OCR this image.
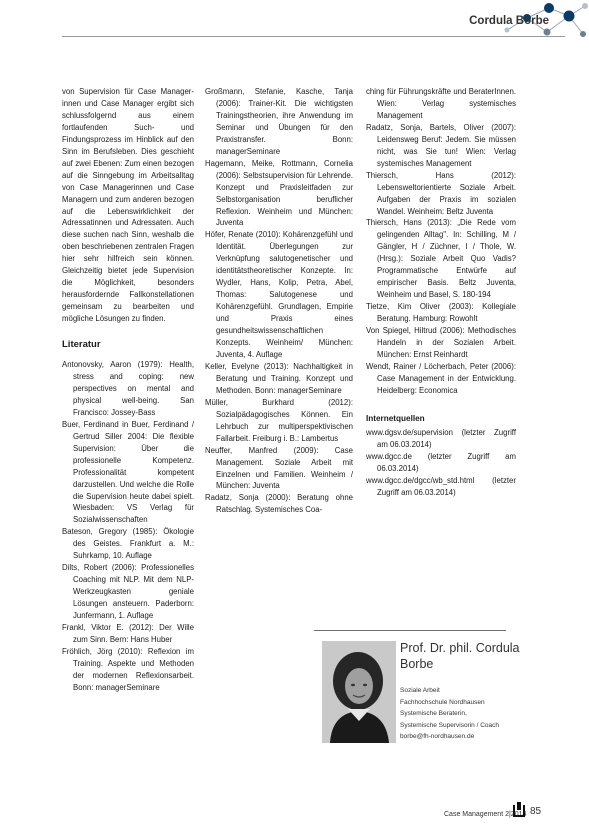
Cordula Borbe

von Supervision für Case Manager-innen und Case Manager ergibt sich schlussfolgernd aus einem fortlaufenden Such- und Findungsprozess im Hinblick auf den Sinn im Berufsleben. Dies geschieht auf zwei Ebenen: Zum einen bezogen auf die Sinngebung im Arbeitsalltag von Case Managerinnen und Case Managern und zum anderen bezogen auf die Lebenswirklichkeit der Adressatinnen und Adressaten. Auch diese suchen nach Sinn, weshalb die oben beschriebenen zentralen Fragen hier sehr hilfreich sein können. Gleichzeitig bietet jede Supervision die Möglichkeit, besonders herausfordernde Fallkonstellationen gemeinsam zu bearbeiten und mögliche Lösungen zu finden.

Literatur

Antonovsky, Aaron (1979): Health, stress and coping: new perspectives on mental and physical well-being. San Francisco: Jossey-Bass

Buer, Ferdinand in Buer, Ferdinand / Gertrud Siller 2004: Die flexible Supervision: Über die professionelle Kompetenz. Professionalität kompetent darzustellen. Und welche die Rolle die Supervision heute dabei spielt. Wiesbaden: VS Verlag für Sozialwissenschaften

Bateson, Gregory (1985): Ökologie des Geistes. Frankfurt a. M.: Suhrkamp, 10. Auflage

Dilts, Robert (2006): Professionelles Coaching mit NLP. Mit dem NLP-Werkzeugkasten geniale Lösungen ansteuern. Paderborn: Junfermann, 1. Auflage

Frankl, Viktor E. (2012): Der Wille zum Sinn. Bern: Hans Huber

Fröhlich, Jörg (2010): Reflexion im Training. Aspekte und Methoden der modernen Reflexionsarbeit. Bonn: managerSeminare

Großmann, Stefanie, Kasche, Tanja (2006): Trainer-Kit. Die wichtigsten Trainingstheorien, ihre Anwendung im Seminar und Übungen für den Praxistransfer. Bonn: managerSeminare

Hagemann, Meike, Rottmann, Cornelia (2006): Selbstsupervision für Lehrende. Konzept und Praxisleitfaden zur Selbstorganisation beruflicher Reflexion. Weinheim und München: Juventa

Höfer, Renate (2010): Kohärenzgefühl und Identität. Überlegungen zur Verknüpfung salutogenetischer und identitätstheoretischer Konzepte. In: Wydler, Hans, Kolip, Petra, Abel, Thomas: Salutogenese und Kohärenzgefühl. Grundlagen, Empirie und Praxis eines gesundheitswissenschaftlichen Konzepts. Weinheim/ München: Juventa, 4. Auflage

Keller, Evelyne (2013): Nachhaltigkeit in Beratung und Training. Konzept und Methoden. Bonn: managerSeminare

Müller, Burkhard (2012): Sozialpädagogisches Können. Ein Lehrbuch zur multiperspektivischen Fallarbeit. Freiburg i. B.: Lambertus

Neuffer, Manfred (2009): Case Management. Soziale Arbeit mit Einzelnen und Familien. Weinheim / München: Juventa

Radatz, Sonja (2000): Beratung ohne Ratschlag. Systemisches Coa-

ching für Führungskräfte und BeraterInnen. Wien: Verlag systemisches Management

Radatz, Sonja, Bartels, Oliver (2007): Leidensweg Beruf: Jedem. Sie müssen nicht, was Sie tun! Wien: Verlag systemisches Management

Thiersch, Hans (2012): Lebensweltorientierte Soziale Arbeit. Aufgaben der Praxis im sozialen Wandel. Weinheim: Beltz Juventa

Thiersch, Hans (2013): „Die Rede vom gelingenden Alltag". In: Schilling, M / Gängler, H / Züchner, I / Thole, W. (Hrsg.): Soziale Arbeit Quo Vadis? Programmatische Entwürfe auf empirischer Basis. Beltz Juventa, Weinheim und Basel, S. 180-194

Tietze, Kim Oliver (2003): Kollegiale Beratung. Hamburg: Rowohlt

Von Spiegel, Hiltrud (2006): Methodisches Handeln in der Sozialen Arbeit. München: Ernst Reinhardt

Wendt, Rainer / Löcherbach, Peter (2006): Case Management in der Entwicklung. Heidelberg: Economica

Internetquellen

www.dgsv.de/supervision (letzter Zugriff am 06.03.2014)

www.dgcc.de (letzter Zugriff am 06.03.2014)

www.dgcc.de/dgcc/wb_std.html (letzter Zugriff am 06.03.2014)

Prof. Dr. phil. Cordula Borbe
Soziale Arbeit
Fachhochschule Nordhausen
Systemische Beraterin,
Systemische Supervisorin / Coach
borbe@fh-nordhausen.de
Case Management 2|2014 85
